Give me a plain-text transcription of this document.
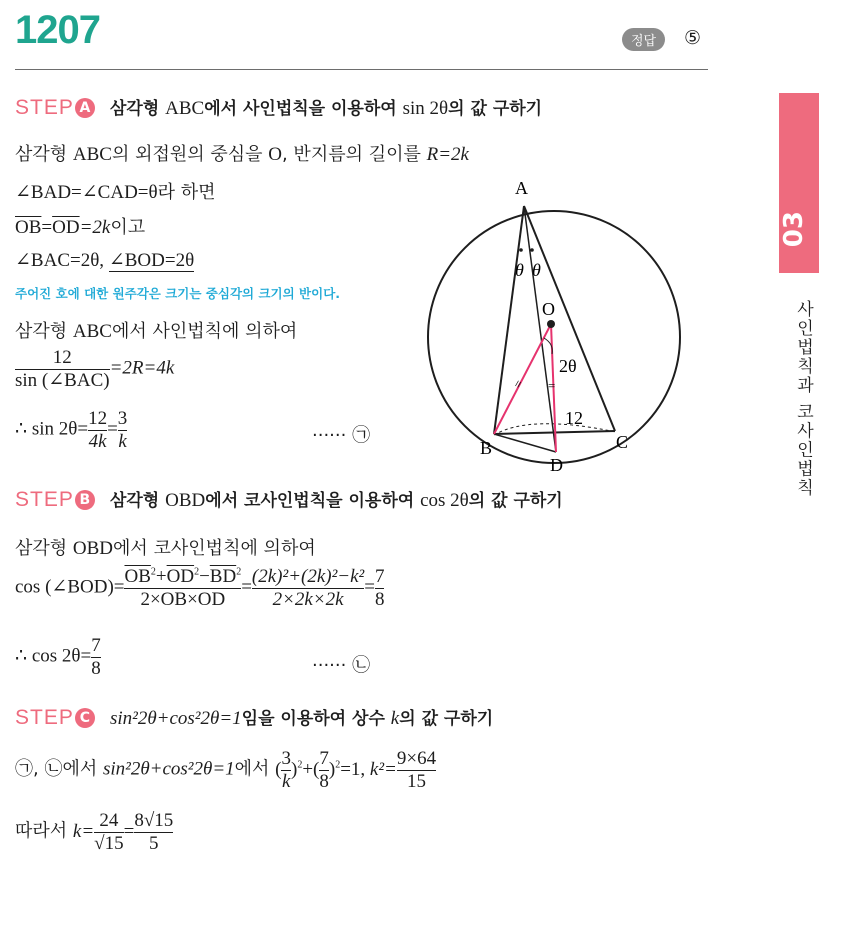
1207	정답	⑤
03
사인법칙과 코사인법칙
STEP A 삼각형 ABC에서 사인법칙을 이용하여 sin 2θ의 값 구하기
삼각형 ABC의 외접원의 중심을 O, 반지름의 길이를 R=2k
∠BAD=∠CAD=θ라 하면
$\overline{OB}=\overline{OD}=2k$이고
∠BAC=2θ, ∠BOD=2θ
주어진 호에 대한 원주각은 크기는 중심각의 크기의 반이다.
삼각형 ABC에서 사인법칙에 의하여
$\frac{12}{\text{sin (∠BAC)}} =2R=4k$
∴ $\sin 2\theta= \frac{12}{4k} = \frac{3}{k}$	······ ㉠
A
B	C
D
O
θ θ
2θ
12
= =
STEP B 삼각형 OBD에서 코사인법칙을 이용하여 cos 2θ의 값 구하기
삼각형 OBD에서 코사인법칙에 의하여
cos (∠BOD)= $\frac{\overline{OB}^2+\overline{OD}^2-\overline{BD}^2}{2\times\overline{OB}\times\overline{OD}} = \frac{\text{(2k)²+(2k)²−k²}}{2\times 2k\times 2k} = \frac{7}{8}$
∴ $\cos 2\theta= \frac{7}{8}$	······ ㉡
STEP C sin²2θ+cos²2θ=1임을 이용하여 상수 k의 값 구하기
㉠, ㉡에서 sin²2θ+cos²2θ=1에서 ( $\frac{3}{k} )^2+( \frac{7}{8} )^2=1$, $k^2= \frac{9\times 64}{15}$
따라서 $k= \frac{24}{√15} = \frac{8√15}{5}$
